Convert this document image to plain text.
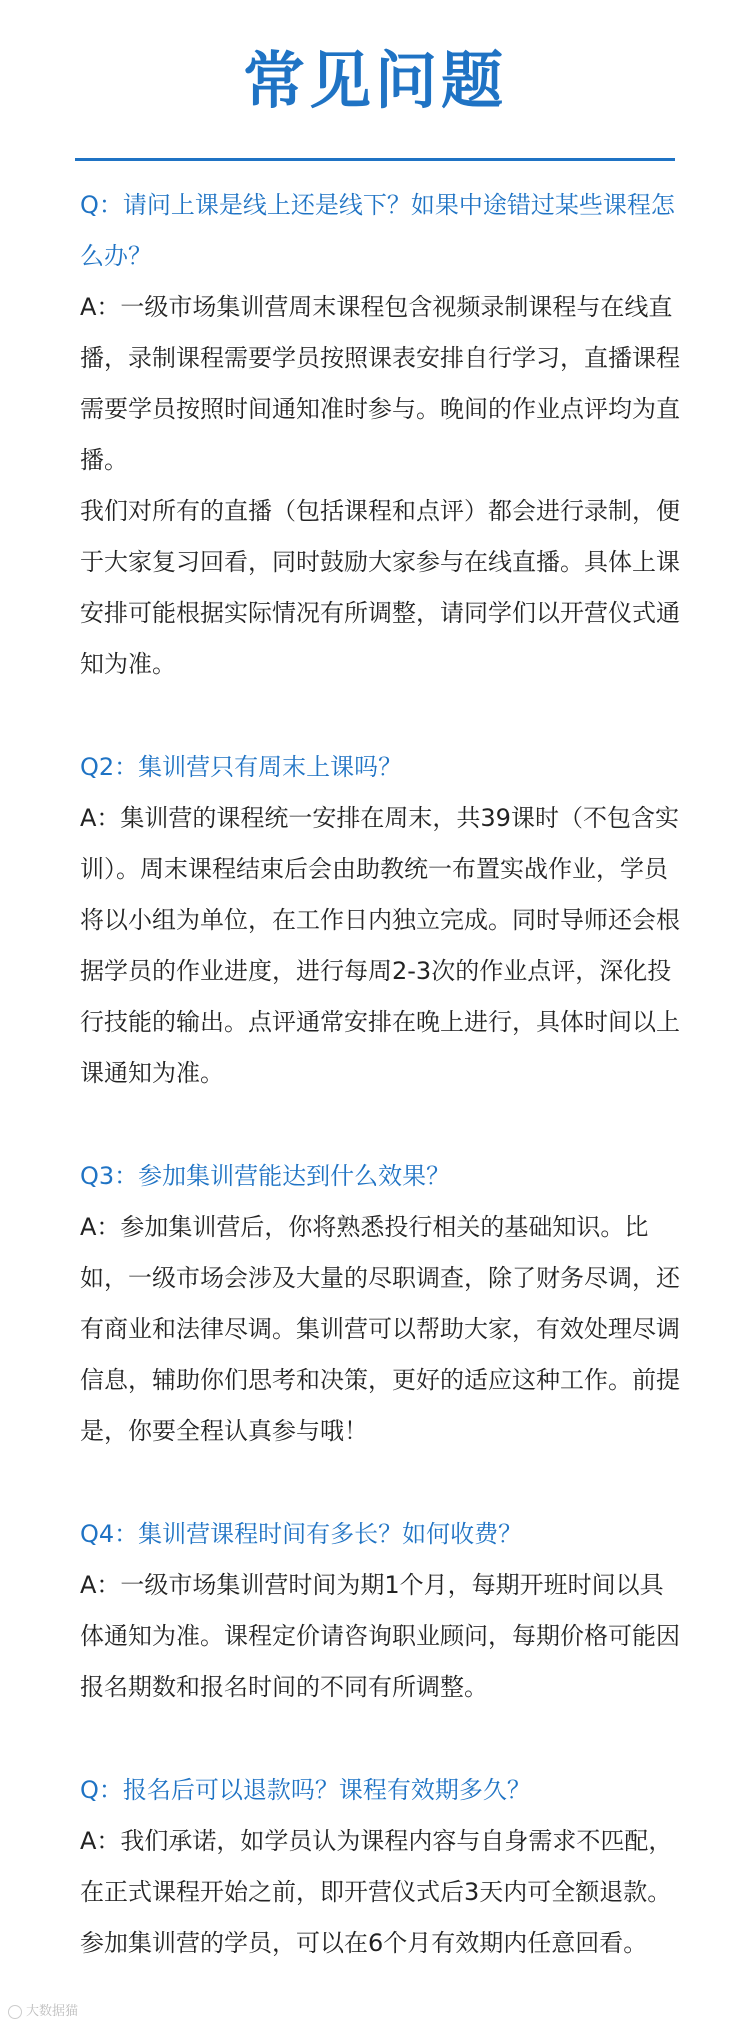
常见问题

Q：请问上课是线上还是线下？如果中途错过某些课程怎么办？

A：一级市场集训营周末课程包含视频录制课程与在线直播，录制课程需要学员按照课表安排自行学习，直播课程需要学员按照时间通知准时参与。晚间的作业点评均为直播。

我们对所有的直播（包括课程和点评）都会进行录制，便于大家复习回看，同时鼓励大家参与在线直播。具体上课安排可能根据实际情况有所调整，请同学们以开营仪式通知为准。

Q2：集训营只有周末上课吗？

A：集训营的课程统一安排在周末，共39课时（不包含实训）。周末课程结束后会由助教统一布置实战作业，学员将以小组为单位，在工作日内独立完成。同时导师还会根据学员的作业进度，进行每周2-3次的作业点评，深化投行技能的输出。点评通常安排在晚上进行，具体时间以上课通知为准。

Q3：参加集训营能达到什么效果？

A：参加集训营后，你将熟悉投行相关的基础知识。比如，一级市场会涉及大量的尽职调查，除了财务尽调，还有商业和法律尽调。集训营可以帮助大家，有效处理尽调信息，辅助你们思考和决策，更好的适应这种工作。前提是，你要全程认真参与哦！

Q4：集训营课程时间有多长？如何收费？

A：一级市场集训营时间为期1个月，每期开班时间以具体通知为准。课程定价请咨询职业顾问，每期价格可能因报名期数和报名时间的不同有所调整。

Q：报名后可以退款吗？课程有效期多久？

A：我们承诺，如学员认为课程内容与自身需求不匹配，在正式课程开始之前，即开营仪式后3天内可全额退款。参加集训营的学员，可以在6个月有效期内任意回看。

大数据猫
